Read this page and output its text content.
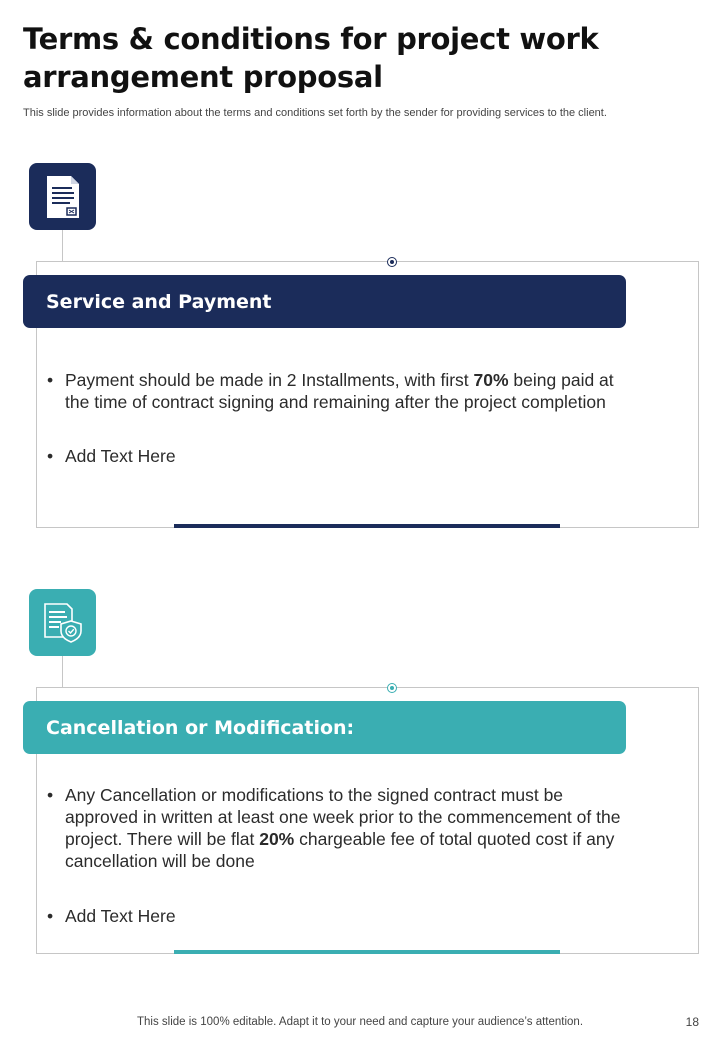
Terms & conditions for project work arrangement proposal

This slide provides information about the terms and conditions set forth by the sender for providing services to the client.

Service and Payment
• Payment should be made in 2 Installments, with first 70% being paid at the time of contract signing and remaining after the project completion
• Add Text Here
Cancellation or Modification:
• Any Cancellation or modifications to the signed contract must be approved in written at least one week prior to the commencement of the project. There will be flat 20% chargeable fee of total quoted cost if any cancellation will be done
• Add Text Here
This slide is 100% editable. Adapt it to your need and capture your audience’s attention.	18
